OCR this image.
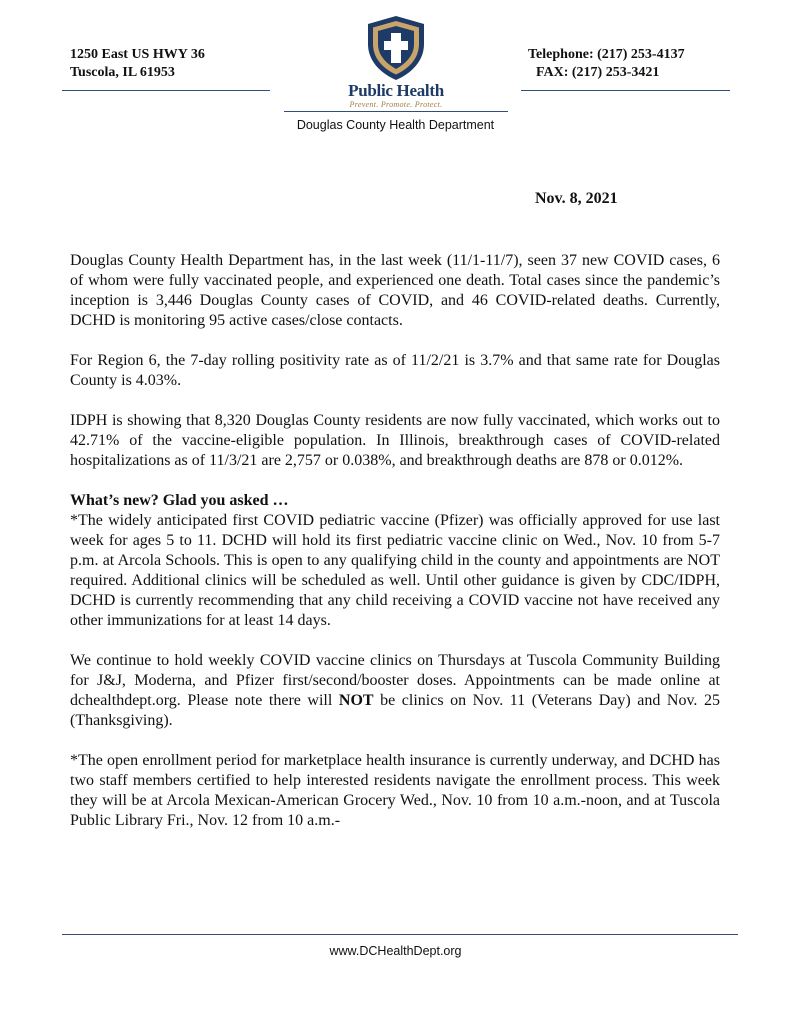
1250 East US HWY 36
Tuscola, IL 61953
Telephone: (217) 253-4137
FAX: (217) 253-3421
Public Health
Prevent. Promote. Protect.
Douglas County Health Department
Nov. 8, 2021

Douglas County Health Department has, in the last week (11/1-11/7), seen 37 new COVID cases, 6 of whom were fully vaccinated people, and experienced one death. Total cases since the pandemic’s inception is 3,446 Douglas County cases of COVID, and 46 COVID-related deaths. Currently, DCHD is monitoring 95 active cases/close contacts.

For Region 6, the 7-day rolling positivity rate as of 11/2/21 is 3.7% and that same rate for Douglas County is 4.03%.

IDPH is showing that 8,320 Douglas County residents are now fully vaccinated, which works out to 42.71% of the vaccine-eligible population. In Illinois, breakthrough cases of COVID-related hospitalizations as of 11/3/21 are 2,757 or 0.038%, and breakthrough deaths are 878 or 0.012%.

What’s new? Glad you asked …

*The widely anticipated first COVID pediatric vaccine (Pfizer) was officially approved for use last week for ages 5 to 11. DCHD will hold its first pediatric vaccine clinic on Wed., Nov. 10 from 5-7 p.m. at Arcola Schools. This is open to any qualifying child in the county and appointments are NOT required. Additional clinics will be scheduled as well. Until other guidance is given by CDC/IDPH, DCHD is currently recommending that any child receiving a COVID vaccine not have received any other immunizations for at least 14 days.

We continue to hold weekly COVID vaccine clinics on Thursdays at Tuscola Community Building for J&J, Moderna, and Pfizer first/second/booster doses. Appointments can be made online at dchealthdept.org. Please note there will NOT be clinics on Nov. 11 (Veterans Day) and Nov. 25 (Thanksgiving).

*The open enrollment period for marketplace health insurance is currently underway, and DCHD has two staff members certified to help interested residents navigate the enrollment process. This week they will be at Arcola Mexican-American Grocery Wed., Nov. 10 from 10 a.m.-noon, and at Tuscola Public Library Fri., Nov. 12 from 10 a.m.-

www.DCHealthDept.org
